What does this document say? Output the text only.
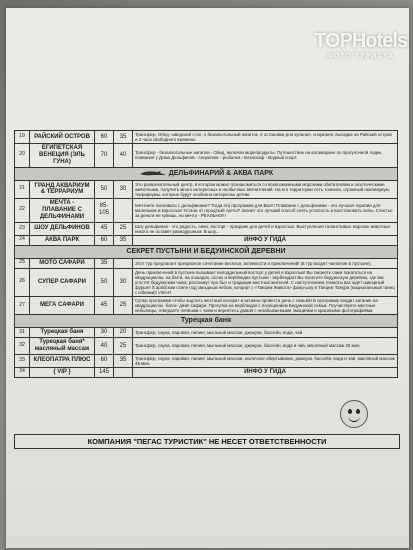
TOPHotels
ФОТО ТУРИСТА
19	РАЙСКИЙ ОСТРОВ	60	35	Трансфер, Обед- шведский стол, 1 безалкогольный напиток, 2 остановки для купания, снорклинг, высадка на Райский остров и 3 часа свободного времени.
20	ЕГИПЕТСКАЯ ВЕНЕЦИЯ (ЭЛЬ ГУНА)	70	40	Трансфер - безалкогольные напитки - Обед, включая морепродукты. Путешествие на катамаране по прогулочной лодке, плавание у Дома Дельфинов - снорклинг - рыбалка - Батискаф - Водный спорт.
ДЕЛЬФИНАРИЙ & АКВА ПАРК				
21	ГРАНД АКВАРИУМ & ТЕРРАРИУМ	50	30	Это развлекательный центр, в котором можно познакомиться со всевозможными морскими обитателями и экзотическими животными, получить много интересных и необычных впечатлений. На его территории есть тоннели, огромный океанариум, террариумы, которые будут особенно интересны детям.
22	МЕЧТА - ПЛАВАНИЕ С ДЕЛЬФИНАМИ	85-105		Мечтаете поплавать с дельфинами? Тогда эта программа для Вас!!! Плавание с дельфинами - это лучшая терапия для маленьких и взрослых! Устали от городской суеты? Значит это лучший способ снять усталость и восстановить силы. Счастье за деньги не купишь, но мечту - РЕАЛЬНО!!!
23	ШОУ ДЕЛЬФИНОВ	45	25	Шоу дельфинов - это радость, смех, восторг - праздник для детей и взрослых. Выступления талантливых морских животных никого не оставят равнодушным. В шоу...
24	АКВА ПАРК	60	35	ИНФО У ГИДА
СЕКРЕТ ПУСТЫНИ И БЕДУИНСКОЙ ДЕРЕВНИ				
25	МОТО САФАРИ	35		Этот тур предлагает прекрасное сочетание веселья, активности и приключений! (в тур входят чаепитие в пустыне).
26	СУПЕР САФАРИ	50	30	День приключений в пустыне вызывает неподдельный восторг у детей и взрослых! Вы сможете сами покататься на квадроциклах, на багги, на лошадях, ослах и верблюдах пустыни - верблюдах! Вы посетите бедуинскую деревню, где вас угостят бедуинским чаем, расскажут про быт и традиции местных жителей. С наступлением темноты вас ждёт шикарный фуршет в арабском стиле под звездным небом, концерт с «Танцем Живота» фаер-шоу и Танцем Танура (национальный танец с юбками)! УЖАЛ
27	МЕГА САФАРИ	45	25	Супер программа чтобы ощутить местный колорит и активно провести день с семьёй! В программу входит катание на квадроциклах -багги- джип сафари. Прогулка на верблюдах с посещением Бедуинской семьи. Поучаствуете местные небылицы, отведаете лепешки с чаем и вернётесь домой с незабываемыми эмоциями и красивыми фотографиями.
Турецкая баня				
31	Турецкая баня	30	20	Трансфер, сауна, паровая, пилинг, мыльный массаж, джакузи, бассейн, вода, чай
32	Турецкая баня* масляный массаж	40	25	Трансфер, сауна, паровая, пилинг, мыльный массаж, джакузи, бассейн, вода и чай, масляный массаж 45 мин.
33	КЛЕОПАТРА ПЛЮС	60	35	Трансфер, сауна, паровая, пилинг, мыльный массаж, молочное обертывание, джакузи, бассейн, вода и чай, масляный массаж 45 мин.
34	{ VIP }	145		ИНФО У ГИДА
КОМПАНИЯ "ПЕГАС ТУРИСТИК" НЕ НЕСЕТ ОТВЕТСТВЕННОСТИ
